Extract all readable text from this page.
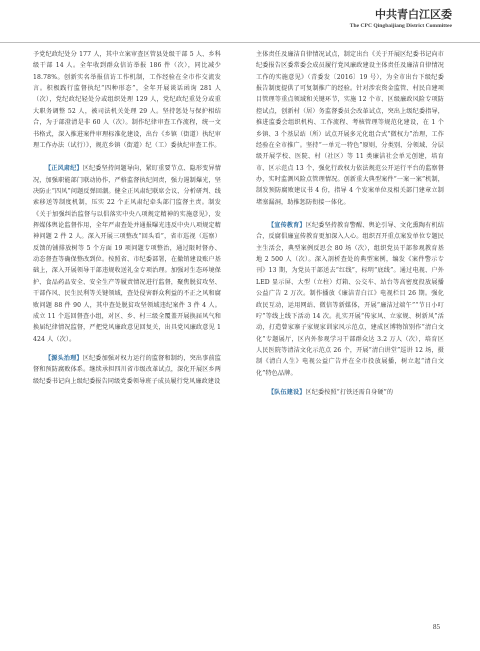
中共青白江区委
The CPC Qingbaijiang District Committee

予党纪政纪处分 177 人，其中立案审查区管县处级干部 5 人、乡科级干部 14 人。全年收到群众信访举报 186 件（次），同比减少 18.78%。创新实名举报信访工作机制，工作经验在全市作交流发言。积极践行监督执纪“四种形态”，全年开展谈话函询 281 人（次），党纪政纪轻处分或组织处理 129 人，党纪政纪重处分或重大职务调整 52 人，被司法机关处理 29 人。坚持惩处与保护相结合，为于部澄清是非 60 人（次）。制作纪律审查工作流程，统一文书格式，深入推进案件审理标准化建设，出台《乡镇（街道）执纪审理工作办法（试行）》，规范乡镇（街道）纪（工）委执纪审查工作。

【正风肃纪】区纪委坚持问题导向，紧盯重要节点、隐形变异情况，加强职能部门联动协作，严格监督执纪问责，强力遏制爆光，坚决防止“四风”问题反弹回潮。健全正风肃纪联席会议、分析研判、线索移送等制度机制，压实 22 个正风肃纪牵头部门监督主责。制发《关于加强纠治监督与以倡落实中央八项规定精神的实施意见》，发挥媒体舆论监督作用，全年严肃查处并通报曝光违反中央八项规定精神问题 2 件 2 人。深入开展三项整改“回头看”，省市巡视（巡察）反馈的铺排放树等 5 个方面 19 项问题专项整治，通过限时督办、动态督查等确保整改到位。按照省、市纪委部署，在撤销建设账户基础上，深入开展领导干部违规收送礼金专项治理。加强对生态环境保护、食品药品安全、安全生产等履责情况进行监督，聚焦脱贫攻坚、干部作风、民生民利等关键领域，查处侵害群众利益的不正之风和腐败问题 88 件 90 人，其中查处脱贫攻坚领域违纪案件 3 件 4 人。成立 11 个巡回督查小组，对区、乡、村三级全覆盖开展换届风气和换届纪律情况监督，严把党风廉政意见回复关，出具党风廉政意见 1 424 人（次）。

【源头治理】区纪委加强对权力运行的监督和制约，突出事前监督和预防腐败体系。继续承担四川省市级改革试点，深化开展区乡两级纪委书记向上级纪委报告同级党委领导班子成员履行党风廉政建设

主体责任及廉洁自律情况试点，制定出台《关于开展区纪委书记向市纪委报告区委常委会成员履行党风廉政建设主体责任及廉洁自律情况工作的实施意见》（青委发〔2016〕19 号），为全市出台下级纪委报告制度提供了可复制推广的经验。针对涉农资金监管、村民自建项目管理等重点领域和关键环节，实施 12 个市、区级廉政风险专项防控试点，创新村（居）务监督委员会改革试点，突出上级纪委指导，推进监委会组织机构、工作流程、考核管理等规范化建设，在 1 个乡镇、3 个基层站（所）试点开展多元化组合式“微权力”治理，工作经验在全市推广。坚持“一单元一特色”原则，分类别、分领域、分层级开展学校、医院、村（社区）等 11 类廉洁社会单元创建，培育市、区示范点 13 个，强化行政权力依法规范公开运行平台的监察督办，实时监测风险点管理情况。创新重大典型案件“一案一案”机制，制发预防腐败建议书 4 份，指导 4 个发案单位及相关部门建章立制堵塞漏洞，助推惩防衔接一体化。

【宣传教育】区纪委坚持教育警醒、舆论引导、文化熏陶有机结合，反腐倡廉宣传教育更加深入人心。组织召开重点案发单位专题民主生活会，典型案例反思会 80 场（次），组织党员干部参观教育基地 2 500 人（次）。深入剖析查处的典型案例，编发《案件警示专刊》13 期，为党员干部送去“红线”，标明“底线”。通过电视、户外 LED 显示屏、大型（立柱）灯箱、公交车、站台等高密度投放展播公益广告 2 万次。制作播放《廉洁青白江》电视栏目 26 期。强化政民互动，运用网站、微信等新媒体，开展“廉洁过端午”“节日小叮咛”等线上线下活动 14 次。扎实开展“传家风、立家规、树新风”活动，打造曾家寨子家规家训家风示范点，建成区博物馆别作“清白文化”专题展厅，区内外参观学习干部群众达 3.2 万人（次），培育区人民医院等清洁文化示范点 26 个，开展“清白讲堂”巡讲 12 场，摄制《清白人生》电视公益广告并在全市投放展播，树立起“清白文化”特色品牌。

【队伍建设】区纪委按照“打铁还需自身硬”的

85
